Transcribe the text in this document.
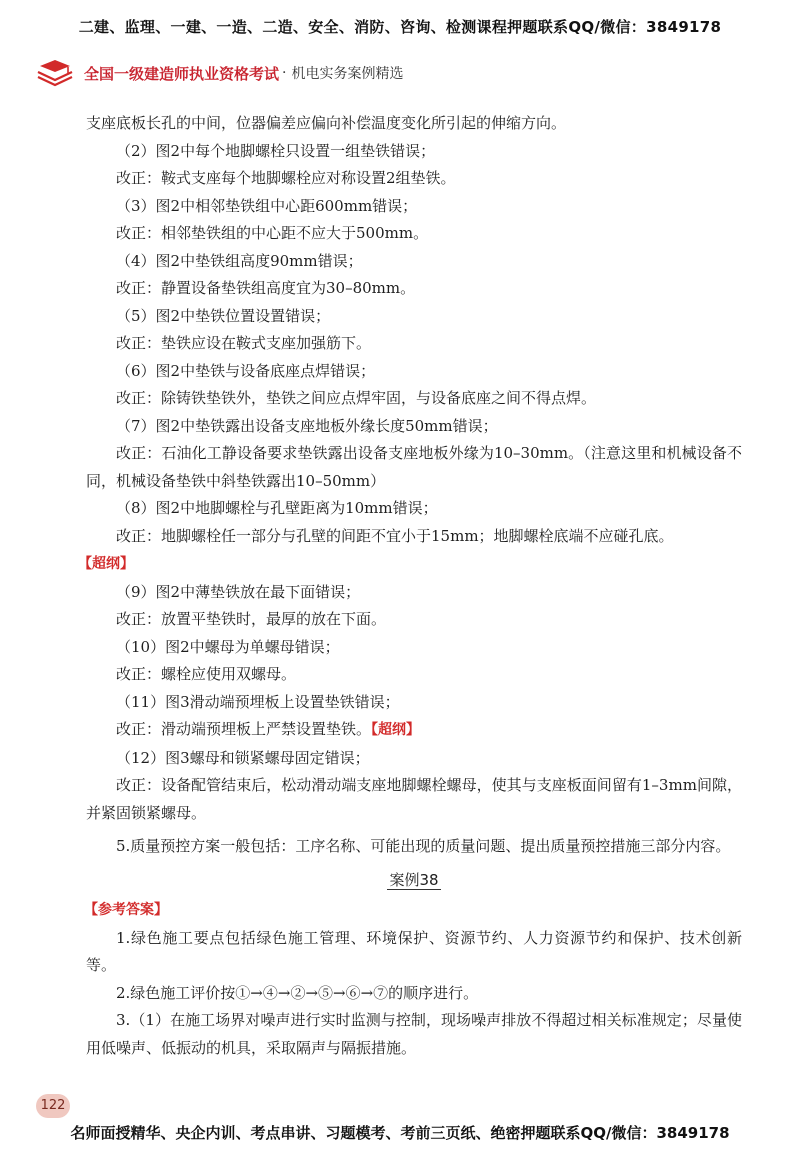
二建、监理、一建、一造、二造、安全、消防、咨询、检测课程押题联系QQ/微信：3849178
全国一级建造师执业资格考试 · 机电实务案例精选

支座底板长孔的中间，位器偏差应偏向补偿温度变化所引起的伸缩方向。

（2）图2中每个地脚螺栓只设置一组垫铁错误；

改正：鞍式支座每个地脚螺栓应对称设置2组垫铁。

（3）图2中相邻垫铁组中心距600mm错误；

改正：相邻垫铁组的中心距不应大于500mm。

（4）图2中垫铁组高度90mm错误；

改正：静置设备垫铁组高度宜为30–80mm。

（5）图2中垫铁位置设置错误；

改正：垫铁应设在鞍式支座加强筋下。

（6）图2中垫铁与设备底座点焊错误；

改正：除铸铁垫铁外，垫铁之间应点焊牢固，与设备底座之间不得点焊。

（7）图2中垫铁露出设备支座地板外缘长度50mm错误；

改正：石油化工静设备要求垫铁露出设备支座地板外缘为10–30mm。（注意这里和机械设备不同，机械设备垫铁中斜垫铁露出10–50mm）

（8）图2中地脚螺栓与孔壁距离为10mm错误；

改正：地脚螺栓任一部分与孔壁的间距不宜小于15mm；地脚螺栓底端不应碰孔底。

【超纲】

（9）图2中薄垫铁放在最下面错误；

改正：放置平垫铁时，最厚的放在下面。

（10）图2中螺母为单螺母错误；

改正：螺栓应使用双螺母。

（11）图3滑动端预埋板上设置垫铁错误；

改正：滑动端预埋板上严禁设置垫铁。【超纲】

（12）图3螺母和锁紧螺母固定错误；

改正：设备配管结束后，松动滑动端支座地脚螺栓螺母，使其与支座板面间留有1–3mm间隙，并紧固锁紧螺母。

5.质量预控方案一般包括：工序名称、可能出现的质量问题、提出质量预控措施三部分内容。

案例38

【参考答案】

1.绿色施工要点包括绿色施工管理、环境保护、资源节约、人力资源节约和保护、技术创新等。

2.绿色施工评价按①→④→②→⑤→⑥→⑦的顺序进行。

3.（1）在施工场界对噪声进行实时监测与控制，现场噪声排放不得超过相关标准规定；尽量使用低噪声、低振动的机具，采取隔声与隔振措施。

122
名师面授精华、央企内训、考点串讲、习题模考、考前三页纸、绝密押题联系QQ/微信：3849178
